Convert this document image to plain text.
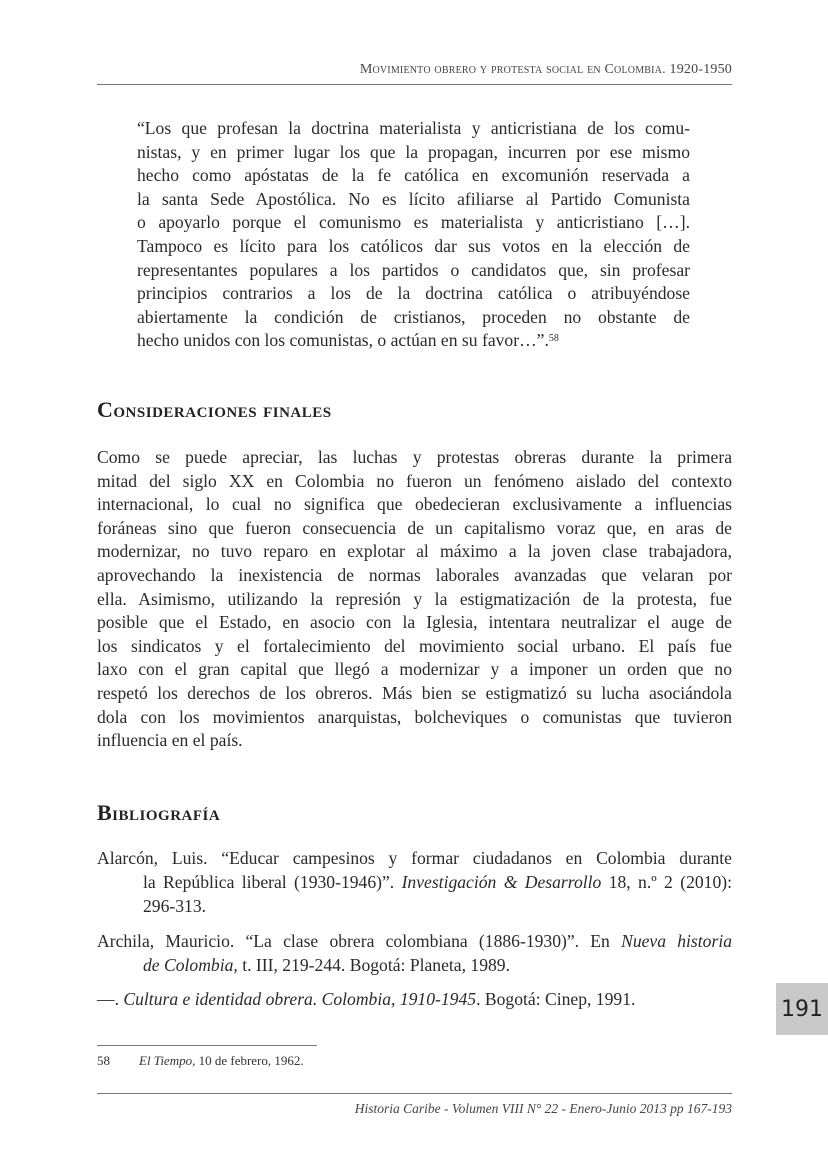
Movimiento obrero y protesta social en Colombia. 1920-1950
“Los que profesan la doctrina materialista y anticristiana de los comu-
nistas, y en primer lugar los que la propagan, incurren por ese mismo
hecho como apóstatas de la fe católica en excomunión reservada a
la santa Sede Apostólica. No es lícito afiliarse al Partido Comunista
o apoyarlo porque el comunismo es materialista y anticristiano […].
Tampoco es lícito para los católicos dar sus votos en la elección de
representantes populares a los partidos o candidatos que, sin profesar
principios contrarios a los de la doctrina católica o atribuyéndose
abiertamente la condición de cristianos, proceden no obstante de
hecho unidos con los comunistas, o actúan en su favor…”.$^{58}$
Consideraciones finales
Como se puede apreciar, las luchas y protestas obreras durante la primera
mitad del siglo XX en Colombia no fueron un fenómeno aislado del contexto
internacional, lo cual no significa que obedecieran exclusivamente a influencias
foráneas sino que fueron consecuencia de un capitalismo voraz que, en aras de
modernizar, no tuvo reparo en explotar al máximo a la joven clase trabajadora,
aprovechando la inexistencia de normas laborales avanzadas que velaran por
ella. Asimismo, utilizando la represión y la estigmatización de la protesta, fue
posible que el Estado, en asocio con la Iglesia, intentara neutralizar el auge de
los sindicatos y el fortalecimiento del movimiento social urbano. El país fue
laxo con el gran capital que llegó a modernizar y a imponer un orden que no
respetó los derechos de los obreros. Más bien se estigmatizó su lucha asociándola
dola con los movimientos anarquistas, bolcheviques o comunistas que tuvieron
influencia en el país.
Bibliografía
Alarcón, Luis. “Educar campesinos y formar ciudadanos en Colombia durante
la República liberal (1930-1946)”. Investigación & Desarrollo 18, n.º 2 (2010):
296-313.
Archila, Mauricio. “La clase obrera colombiana (1886-1930)”. En Nueva historia
de Colombia, t. III, 219-244. Bogotá: Planeta, 1989.
—. Cultura e identidad obrera. Colombia, 1910-1945. Bogotá: Cinep, 1991.	191
58 El Tiempo, 10 de febrero, 1962.
Historia Caribe - Volumen VIII N° 22 - Enero-Junio 2013 pp 167-193
